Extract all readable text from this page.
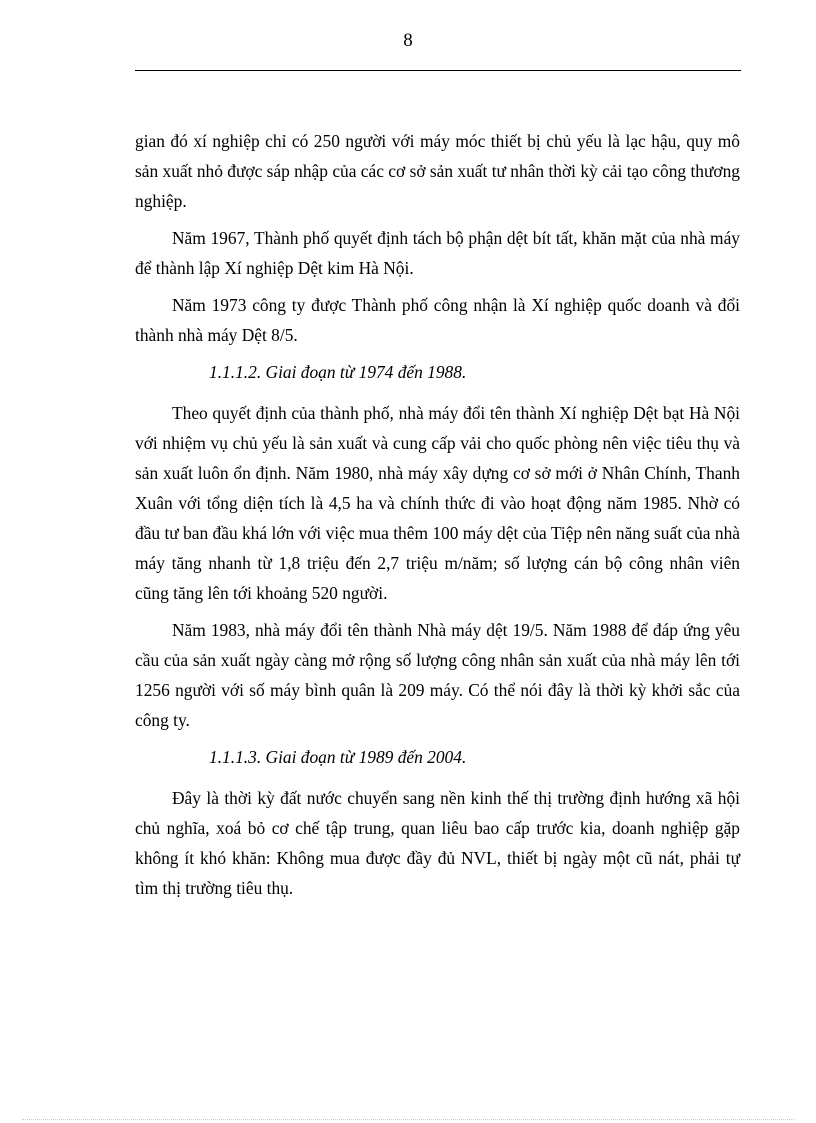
8

gian đó xí nghiệp chỉ có 250 người với máy móc thiết bị chủ yếu là lạc hậu, quy mô sản xuất nhỏ được sáp nhập của các cơ sở sản xuất tư nhân thời kỳ cải tạo công thương nghiệp.

Năm 1967, Thành phố quyết định tách bộ phận dệt bít tất, khăn mặt của nhà máy để thành lập Xí nghiệp Dệt kim Hà Nội.

Năm 1973 công ty được Thành phố công nhận là Xí nghiệp quốc doanh và đổi thành nhà máy Dệt 8/5.

1.1.1.2. Giai đoạn từ 1974 đến 1988.

Theo quyết định của thành phố, nhà máy đổi tên thành Xí nghiệp Dệt bạt Hà Nội với nhiệm vụ chủ yếu là sản xuất và cung cấp vải cho quốc phòng nên việc tiêu thụ và sản xuất luôn ổn định. Năm 1980, nhà máy xây dựng cơ sở mới ở Nhân Chính, Thanh Xuân với tổng diện tích là 4,5 ha và chính thức đi vào hoạt động năm 1985. Nhờ có đầu tư ban đầu khá lớn với việc mua thêm 100 máy dệt của Tiệp nên năng suất của nhà máy tăng nhanh từ 1,8 triệu đến 2,7 triệu m/năm; số lượng cán bộ công nhân viên cũng tăng lên tới khoảng 520 người.

Năm 1983, nhà máy đổi tên thành Nhà máy dệt 19/5. Năm 1988 để đáp ứng yêu cầu của sản xuất ngày càng mở rộng số lượng công nhân sản xuất của nhà máy lên tới 1256 người với số máy bình quân là 209 máy. Có thể nói đây là thời kỳ khởi sắc của công ty.

1.1.1.3. Giai đoạn từ 1989 đến 2004.

Đây là thời kỳ đất nước chuyển sang nền kinh thế thị trường định hướng xã hội chủ nghĩa, xoá bỏ cơ chế tập trung, quan liêu bao cấp trước kia, doanh nghiệp gặp không ít khó khăn: Không mua được đầy đủ NVL, thiết bị ngày một cũ nát, phải tự tìm thị trường tiêu thụ.
